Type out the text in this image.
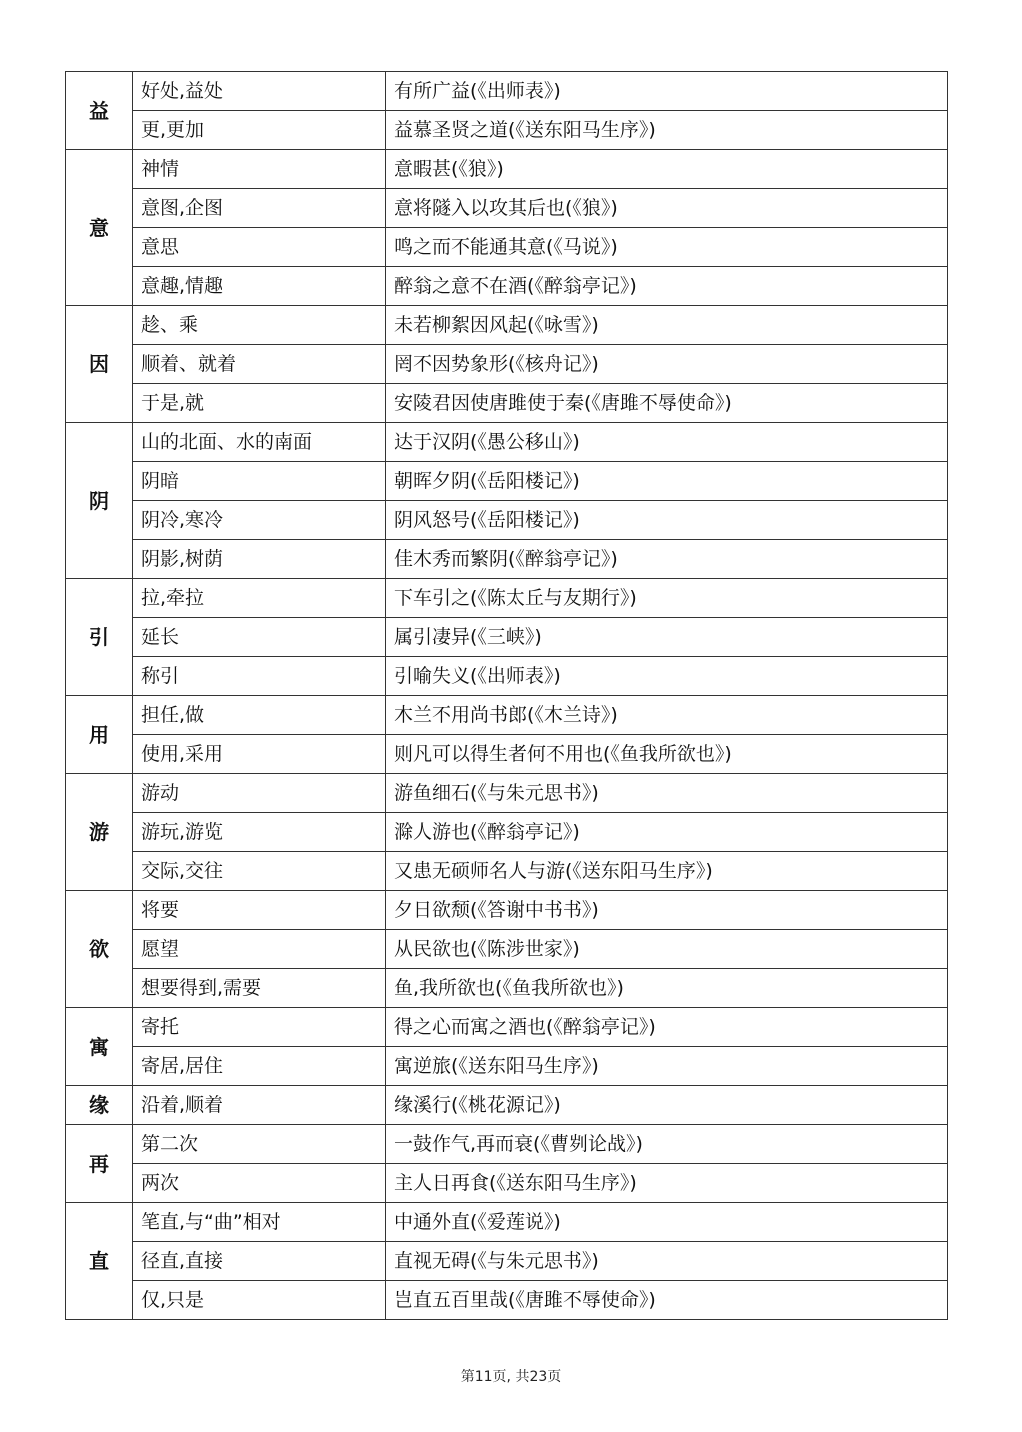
益	好处,益处	有所广益(《出师表》)
	更,更加	益慕圣贤之道(《送东阳马生序》)
意	神情	意暇甚(《狼》)
	意图,企图	意将隧入以攻其后也(《狼》)
	意思	鸣之而不能通其意(《马说》)
	意趣,情趣	醉翁之意不在酒(《醉翁亭记》)
因	趁、乘	未若柳絮因风起(《咏雪》)
	顺着、就着	罔不因势象形(《核舟记》)
	于是,就	安陵君因使唐雎使于秦(《唐雎不辱使命》)
阴	山的北面、水的南面	达于汉阴(《愚公移山》)
	阴暗	朝晖夕阴(《岳阳楼记》)
	阴冷,寒冷	阴风怒号(《岳阳楼记》)
	阴影,树荫	佳木秀而繁阴(《醉翁亭记》)
引	拉,牵拉	下车引之(《陈太丘与友期行》)
	延长	属引凄异(《三峡》)
	称引	引喻失义(《出师表》)
用	担任,做	木兰不用尚书郎(《木兰诗》)
	使用,采用	则凡可以得生者何不用也(《鱼我所欲也》)
游	游动	游鱼细石(《与朱元思书》)
	游玩,游览	滁人游也(《醉翁亭记》)
	交际,交往	又患无硕师名人与游(《送东阳马生序》)
欲	将要	夕日欲颓(《答谢中书书》)
	愿望	从民欲也(《陈涉世家》)
	想要得到,需要	鱼,我所欲也(《鱼我所欲也》)
寓	寄托	得之心而寓之酒也(《醉翁亭记》)
	寄居,居住	寓逆旅(《送东阳马生序》)
缘	沿着,顺着	缘溪行(《桃花源记》)
再	第二次	一鼓作气,再而衰(《曹刿论战》)
	两次	主人日再食(《送东阳马生序》)
直	笔直,与“曲”相对	中通外直(《爱莲说》)
	径直,直接	直视无碍(《与朱元思书》)
	仅,只是	岂直五百里哉(《唐雎不辱使命》)
第11页, 共23页
